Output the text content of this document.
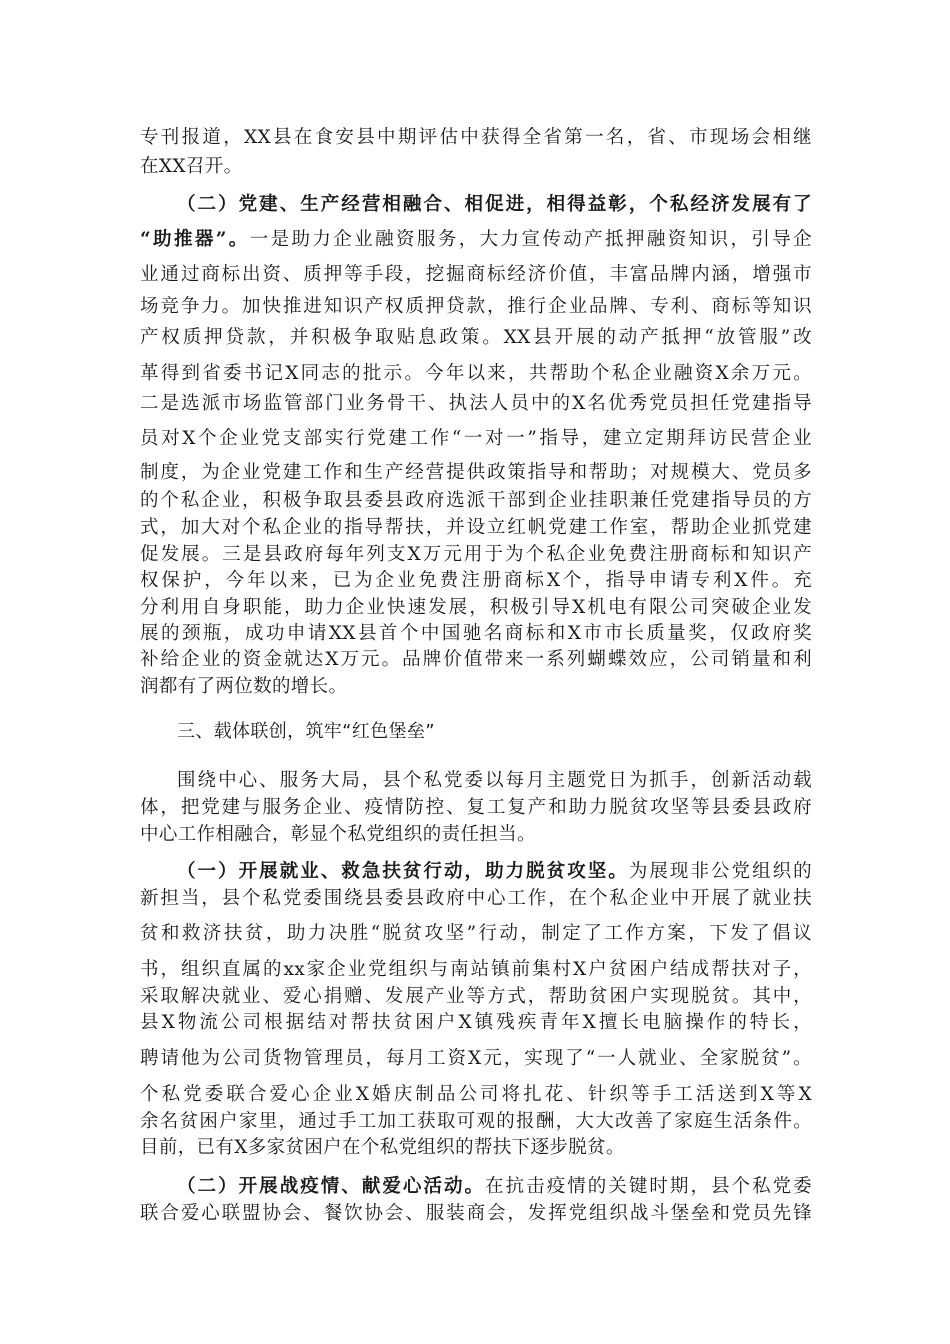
专刊报道，XX县在食安县中期评估中获得全省第一名，省、市现场会相继
在XX召开。
（二）党建、生产经营相融合、相促进，相得益彰，个私经济发展有了
“助推器”。一是助力企业融资服务，大力宣传动产抵押融资知识，引导企
业通过商标出资、质押等手段，挖掘商标经济价值，丰富品牌内涵，增强市
场竞争力。加快推进知识产权质押贷款，推行企业品牌、专利、商标等知识
产权质押贷款，并积极争取贴息政策。XX县开展的动产抵押“放管服”改
革得到省委书记X同志的批示。今年以来，共帮助个私企业融资X余万元。
二是选派市场监管部门业务骨干、执法人员中的X名优秀党员担任党建指导
员对X个企业党支部实行党建工作“一对一”指导，建立定期拜访民营企业
制度，为企业党建工作和生产经营提供政策指导和帮助；对规模大、党员多
的个私企业，积极争取县委县政府选派干部到企业挂职兼任党建指导员的方
式，加大对个私企业的指导帮扶，并设立红帆党建工作室，帮助企业抓党建
促发展。三是县政府每年列支X万元用于为个私企业免费注册商标和知识产
权保护，今年以来，已为企业免费注册商标X个，指导申请专利X件。充
分利用自身职能，助力企业快速发展，积极引导X机电有限公司突破企业发
展的颈瓶，成功申请XX县首个中国驰名商标和X市市长质量奖，仅政府奖
补给企业的资金就达X万元。品牌价值带来一系列蝴蝶效应，公司销量和利
润都有了两位数的增长。
三、载体联创，筑牢“红色堡垒”
围绕中心、服务大局，县个私党委以每月主题党日为抓手，创新活动载
体，把党建与服务企业、疫情防控、复工复产和助力脱贫攻坚等县委县政府
中心工作相融合，彰显个私党组织的责任担当。
（一）开展就业、救急扶贫行动，助力脱贫攻坚。为展现非公党组织的
新担当，县个私党委围绕县委县政府中心工作，在个私企业中开展了就业扶
贫和救济扶贫，助力决胜“脱贫攻坚”行动，制定了工作方案，下发了倡议
书，组织直属的xx家企业党组织与南站镇前集村X户贫困户结成帮扶对子，
采取解决就业、爱心捐赠、发展产业等方式，帮助贫困户实现脱贫。其中，
县X物流公司根据结对帮扶贫困户X镇残疾青年X擅长电脑操作的特长，
聘请他为公司货物管理员，每月工资X元，实现了“一人就业、全家脱贫”。
个私党委联合爱心企业X婚庆制品公司将扎花、针织等手工活送到X等X
余名贫困户家里，通过手工加工获取可观的报酬，大大改善了家庭生活条件。
目前，已有X多家贫困户在个私党组织的帮扶下逐步脱贫。
（二）开展战疫情、献爱心活动。在抗击疫情的关键时期，县个私党委
联合爱心联盟协会、餐饮协会、服装商会，发挥党组织战斗堡垒和党员先锋
